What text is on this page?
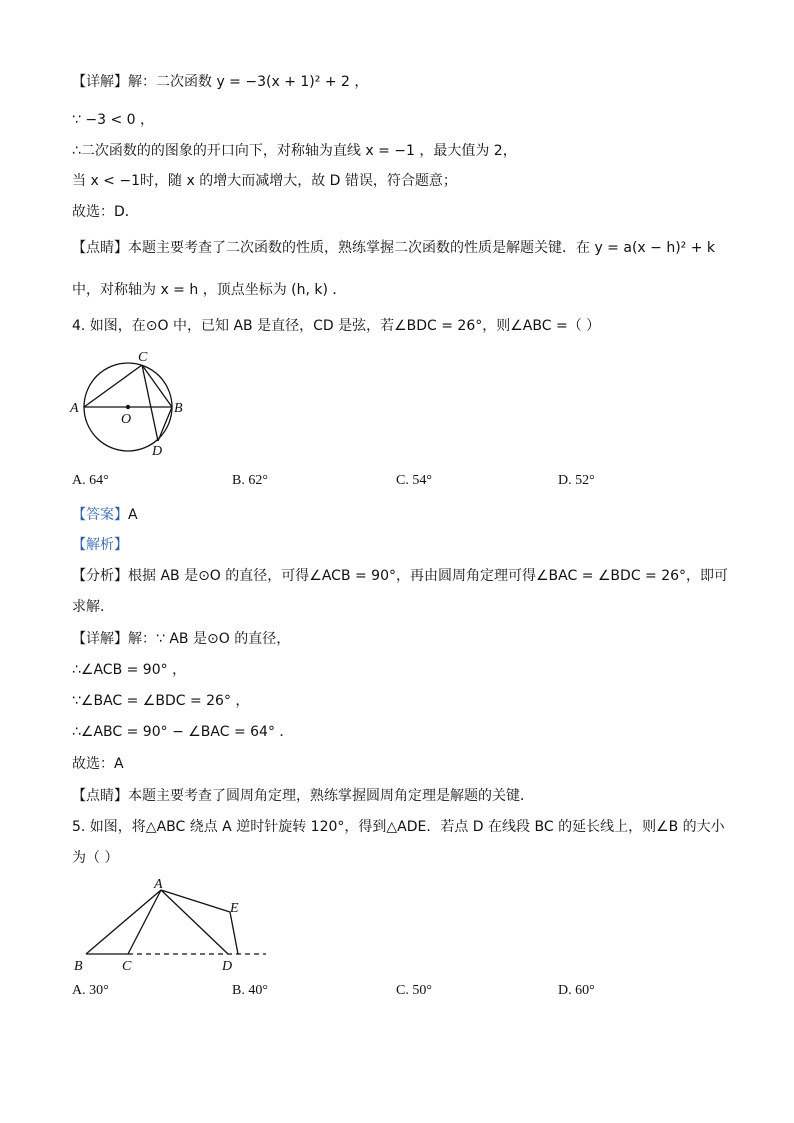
【详解】解：二次函数 y = −3(x + 1)² + 2 ，
∵ −3 < 0 ，
∴二次函数的的图象的开口向下，对称轴为直线 x = −1 ，最大值为 2，
当 x < −1时，随 x 的增大而减增大，故 D 错误，符合题意；
故选：D．
【点睛】本题主要考查了二次函数的性质，熟练掌握二次函数的性质是解题关键．在 y = a(x − h)² + k
中，对称轴为 x = h ，顶点坐标为 (h, k) ．
4. 如图，在⊙O 中，已知 AB 是直径，CD 是弦，若∠BDC = 26°，则∠ABC =（ ）
A	B
C
D
O
A. 64°	B. 62°	C. 54°	D. 52°
【答案】A
【解析】
【分析】根据 AB 是⊙O 的直径，可得∠ACB = 90°，再由圆周角定理可得∠BAC = ∠BDC = 26°，即可
求解．
【详解】解：∵ AB 是⊙O 的直径，
∴∠ACB = 90° ，
∵∠BAC = ∠BDC = 26° ，
∴∠ABC = 90° − ∠BAC = 64° ．
故选：A
【点睛】本题主要考查了圆周角定理，熟练掌握圆周角定理是解题的关键．
5. 如图，将△ABC 绕点 A 逆时针旋转 120°，得到△ADE．若点 D 在线段 BC 的延长线上，则∠B 的大小
为（ ）
A
E
B	C	D
A. 30°	B. 40°	C. 50°	D. 60°
